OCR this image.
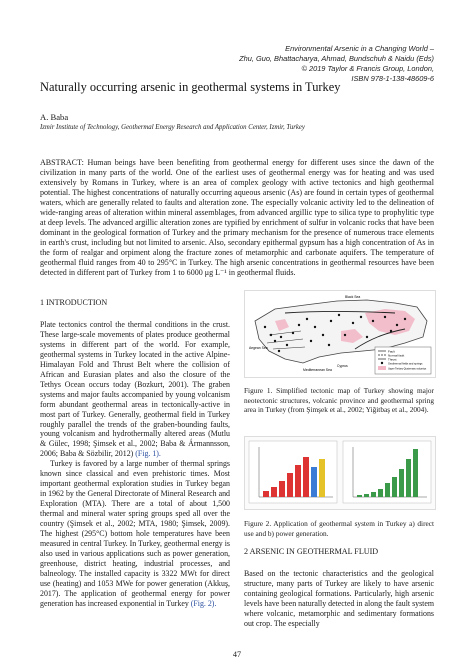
Environmental Arsenic in a Changing World –
Zhu, Guo, Bhattacharya, Ahmad, Bundschuh & Naidu (Eds)
© 2019 Taylor & Francis Group, London,
ISBN 978-1-138-48609-6
Naturally occurring arsenic in geothermal systems in Turkey
A. Baba
Izmir Institute of Technology, Geothermal Energy Research and Application Center, Izmir, Turkey
ABSTRACT: Human beings have been benefiting from geothermal energy for different uses since the dawn of the civilization in many parts of the world. One of the earliest uses of geothermal energy was for heating and was used extensively by Romans in Turkey, where is an area of complex geology with active tectonics and high geothermal potential. The highest concentrations of naturally occurring aqueous arsenic (As) are found in certain types of geothermal waters, which are generally related to faults and alteration zone. The especially volcanic activity led to the delineation of wide-ranging areas of alteration within mineral assemblages, from advanced argillic type to silica type to prophylitic type at deep levels. The advanced argillic alteration zones are typified by enrichment of sulfur in volcanic rocks that have been dominant in the geological formation of Turkey and the primary mechanism for the presence of numerous trace elements in earth's crust, including but not limited to arsenic. Also, secondary epithermal gypsum has a high concentration of As in the form of realgar and orpiment along the fracture zones of metamorphic and carbonate aquifers. The temperature of geothermal fluid ranges from 40 to 295°C in Turkey. The high arsenic concentrations in geothermal resources have been detected in different part of Turkey from 1 to 6000 μg L⁻¹ in geothermal fluids.

1 INTRODUCTION

Plate tectonics control the thermal conditions in the crust. These large-scale movements of plates produce geothermal systems in different part of the world. For example, geothermal systems in Turkey located in the active Alpine-Himalayan Fold and Thrust Belt where the collision of African and Eurasian plates and also the closure of the Tethys Ocean occurs today (Bozkurt, 2001). The graben systems and major faults accompanied by young volcanism form abundant geothermal areas in tectonically-active in most part of Turkey. Generally, geothermal field in Turkey roughly parallel the trends of the graben-bounding faults, young volcanism and hydrothermally altered areas (Mutlu & Gülec, 1998; Şimsek et al., 2002; Baba & Ármannsson, 2006; Baba & Sözbilir, 2012) (Fig. 1).

Turkey is favored by a large number of thermal springs known since classical and even prehistoric times. Most important geothermal exploration studies in Turkey began in 1962 by the General Directorate of Mineral Research and Exploration (MTA). There are a total of about 1,500 thermal and mineral water spring groups sped all over the country (Şimsek et al., 2002; MTA, 1980; Şimsek, 2009). The highest (295°C) bottom hole temperatures have been measured in central Turkey. In Turkey, geothermal energy is also used in various applications such as power generation, greenhouse, district heating, industrial processes, and balneology. The installed capacity is 3322 MWt for direct use (heating) and 1053 MWe for power generation (Akkuş, 2017). The application of geothermal energy for power generation has increased exponential in Turkey (Fig. 2).

Fault
Normal fault
Thrust
Geothermal fields and springs
Upper Tertiary-Quaternary volcanics
Black Sea
Aegean Sea
Mediterranean Sea
Cyprus
Figure 1. Simplified tectonic map of Turkey showing major neotectonic structures, volcanic province and geothermal spring area in Turkey (from Şimşek et al., 2002; Yiğitbaş et al., 2004).
Figure 2. Application of geothermal system in Turkey a) direct use and b) power generation.
2 ARSENIC IN GEOTHERMAL FLUID
Based on the tectonic characteristics and the geological structure, many parts of Turkey are likely to have arsenic containing geological formations. Particularly, high arsenic levels have been naturally detected in along the fault system where volcanic, metamorphic and sedimentary formations out crop. The especially
47
